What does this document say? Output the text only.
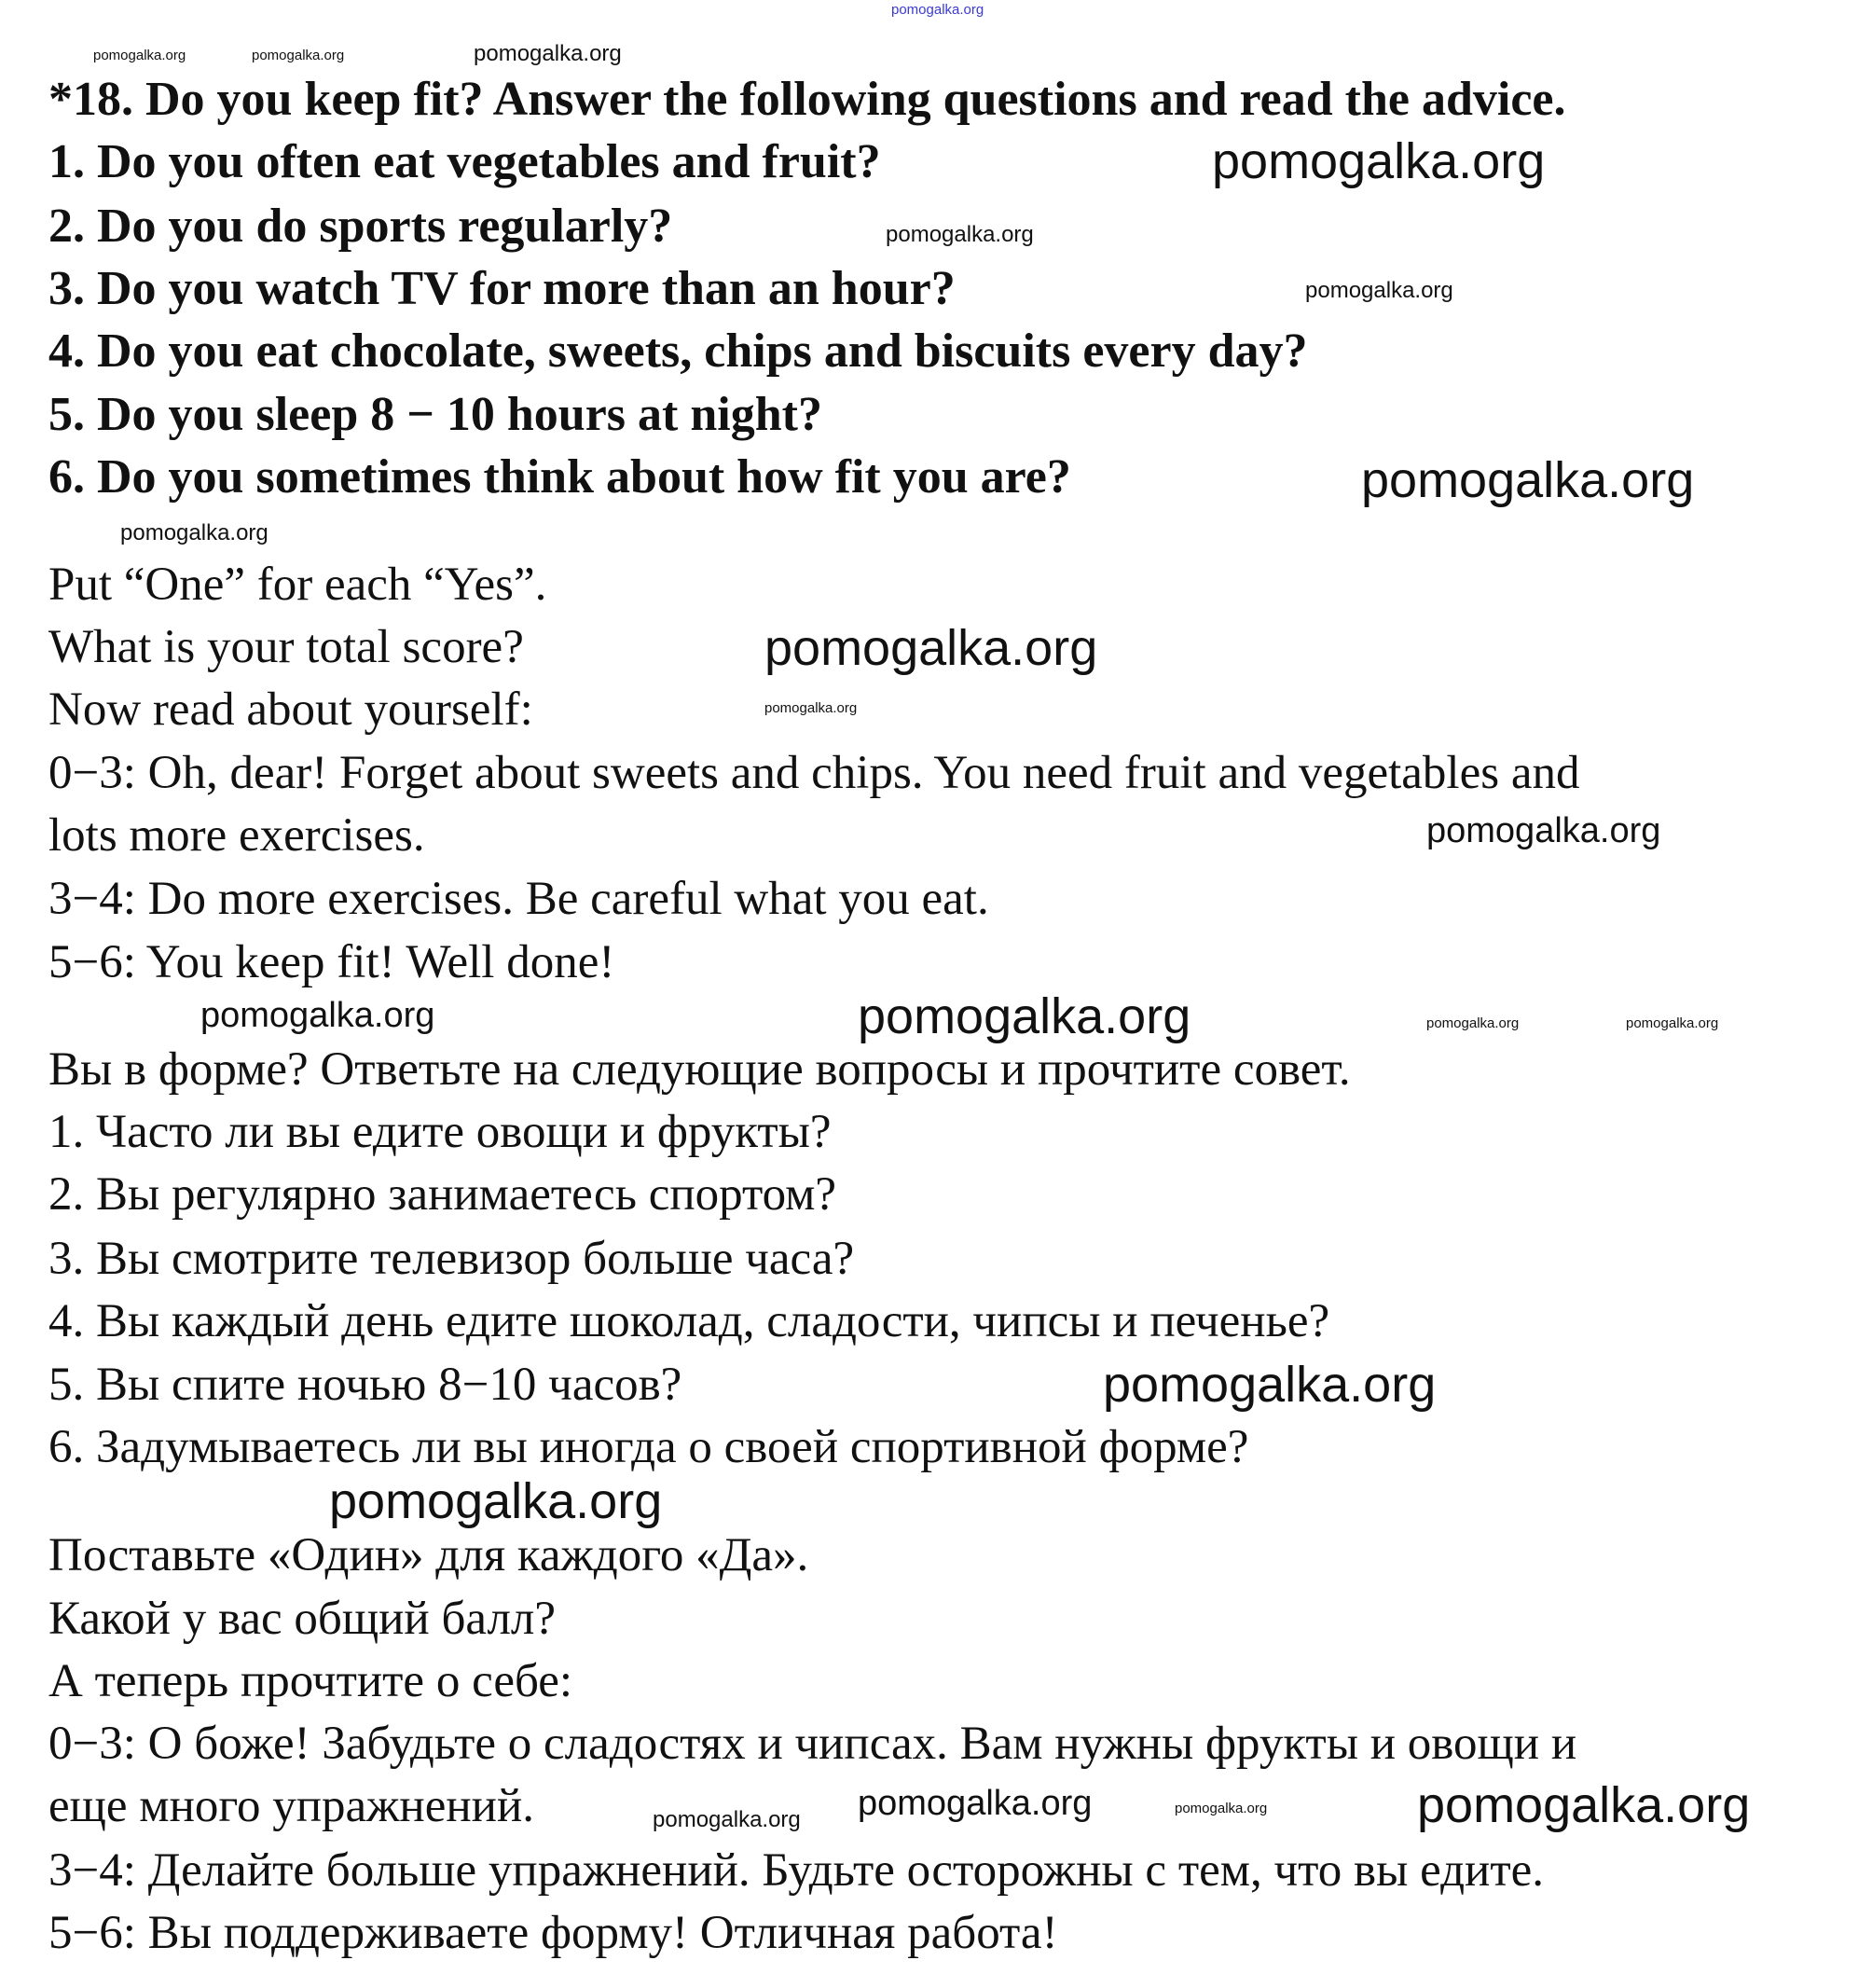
*18. Do you keep fit? Answer the following questions and read the advice.
1. Do you often eat vegetables and fruit?
2. Do you do sports regularly?
3. Do you watch TV for more than an hour?
4. Do you eat chocolate, sweets, chips and biscuits every day?
5. Do you sleep 8 − 10 hours at night?
6. Do you sometimes think about how fit you are?
Put “One” for each “Yes”.
What is your total score?
Now read about yourself:
0−3: Oh, dear! Forget about sweets and chips. You need fruit and vegetables and
lots more exercises.
3−4: Do more exercises. Be careful what you eat.
5−6: You keep fit! Well done!
Вы в форме? Ответьте на следующие вопросы и прочтите совет.
1. Часто ли вы едите овощи и фрукты?
2. Вы регулярно занимаетесь спортом?
3. Вы смотрите телевизор больше часа?
4. Вы каждый день едите шоколад, сладости, чипсы и печенье?
5. Вы спите ночью 8−10 часов?
6. Задумываетесь ли вы иногда о своей спортивной форме?
Поставьте «Один» для каждого «Да».
Какой у вас общий балл?
А теперь прочтите о себе:
0−3: О боже! Забудьте о сладостях и чипсах. Вам нужны фрукты и овощи и
еще много упражнений.
3−4: Делайте больше упражнений. Будьте осторожны с тем, что вы едите.
5−6: Вы поддерживаете форму! Отличная работа!
pomogalka.org
pomogalka.org	pomogalka.org	pomogalka.org
pomogalka.org
pomogalka.org
pomogalka.org
pomogalka.org
pomogalka.org
pomogalka.org
pomogalka.org
pomogalka.org
pomogalka.org
pomogalka.org	pomogalka.org	pomogalka.org
pomogalka.org
pomogalka.org
pomogalka.org
pomogalka.org	pomogalka.org
pomogalka.org
